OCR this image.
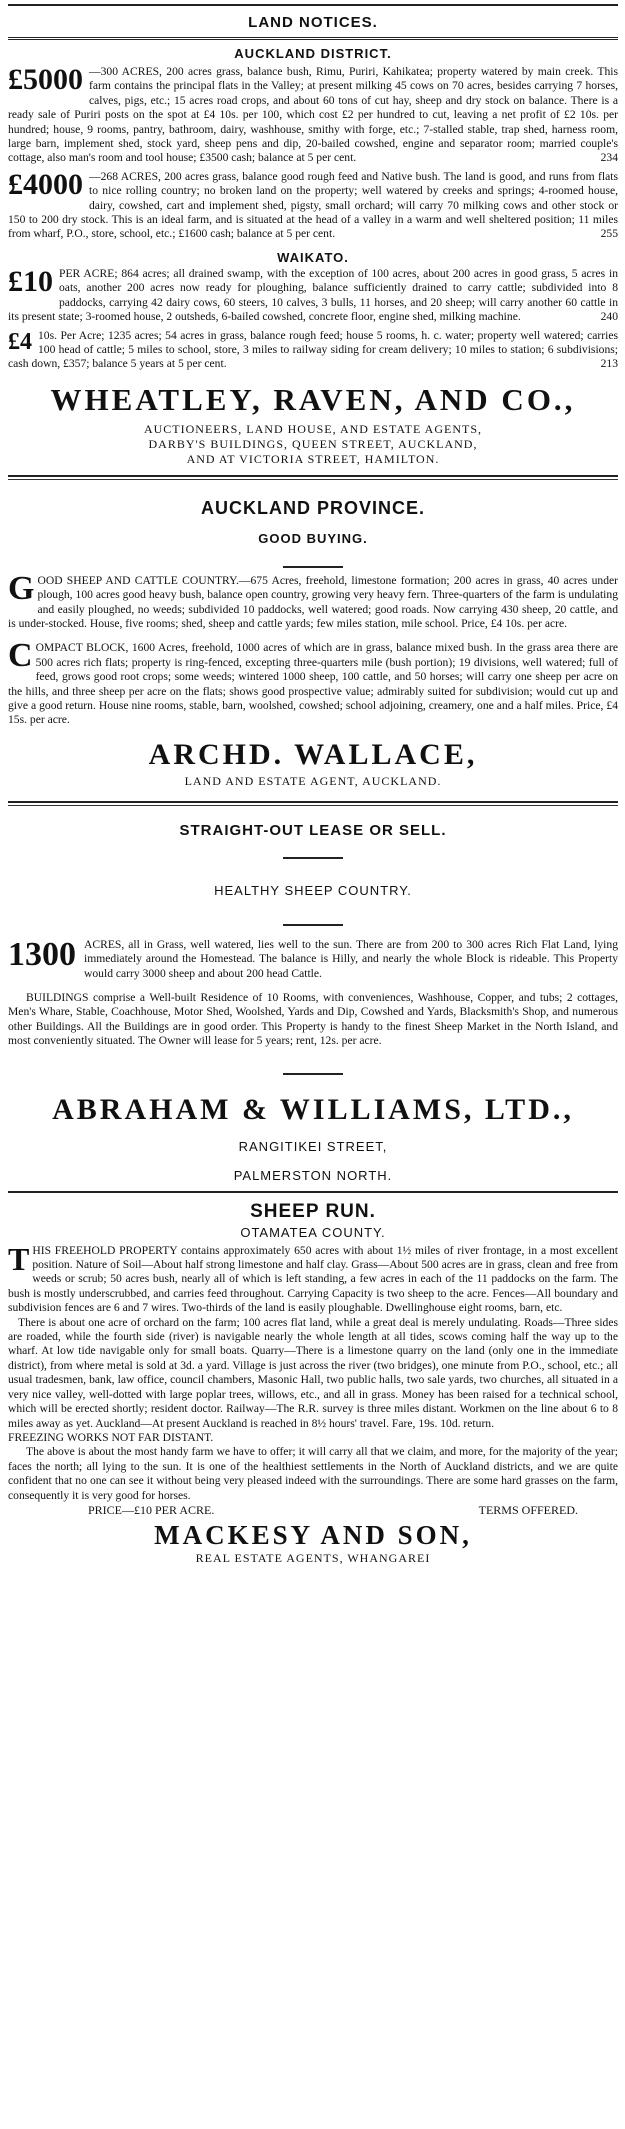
LAND NOTICES.
AUCKLAND DISTRICT.
£5000 —300 ACRES, 200 acres grass, balance bush, Rimu, Puriri, Kahikatea; property watered by main creek. This farm contains the principal flats in the Valley; at present milking 45 cows on 70 acres, besides carrying 7 horses, calves, pigs, etc.; 15 acres road crops, and about 60 tons of cut hay, sheep and dry stock on balance. There is a ready sale of Puriri posts on the spot at £4 10s. per 100, which cost £2 per hundred to cut, leaving a net profit of £2 10s. per hundred; house, 9 rooms, pantry, bathroom, dairy, washhouse, smithy with forge, etc.; 7-stalled stable, trap shed, harness room, large barn, implement shed, stock yard, sheep pens and dip, 20-bailed cowshed, engine and separator room; married couple's cottage, also man's room and tool house; £3500 cash; balance at 5 per cent.	234
£4000 —268 ACRES, 200 acres grass, balance good rough feed and Native bush. The land is good, and runs from flats to nice rolling country; no broken land on the property; well watered by creeks and springs; 4-roomed house, dairy, cowshed, cart and implement shed, pigsty, small orchard; will carry 70 milking cows and other stock or 150 to 200 dry stock. This is an ideal farm, and is situated at the head of a valley in a warm and well sheltered position; 11 miles from wharf, P.O., store, school, etc.; £1600 cash; balance at 5 per cent.	255
WAIKATO.
£10 PER ACRE; 864 acres; all drained swamp, with the exception of 100 acres, about 200 acres in good grass, 5 acres in oats, another 200 acres now ready for ploughing, balance sufficiently drained to carry cattle; subdivided into 8 paddocks, carrying 42 dairy cows, 60 steers, 10 calves, 3 bulls, 11 horses, and 20 sheep; will carry another 60 cattle in its present state; 3-roomed house, 2 outsheds, 6-bailed cowshed, concrete floor, engine shed, milking machine.	240
£4 10s. Per Acre; 1235 acres; 54 acres in grass, balance rough feed; house 5 rooms, h. c. water; property well watered; carries 100 head of cattle; 5 miles to school, store, 3 miles to railway siding for cream delivery; 10 miles to station; 6 subdivisions; cash down, £357; balance 5 years at 5 per cent.	213
WHEATLEY, RAVEN, AND CO.,
AUCTIONEERS, LAND HOUSE, AND ESTATE AGENTS,
DARBY'S BUILDINGS, QUEEN STREET, AUCKLAND,
AND AT VICTORIA STREET, HAMILTON.
AUCKLAND PROVINCE.
GOOD BUYING.
G OOD SHEEP AND CATTLE COUNTRY.—675 Acres, freehold, limestone formation; 200 acres in grass, 40 acres under plough, 100 acres good heavy bush, balance open country, growing very heavy fern. Three-quarters of the farm is undulating and easily ploughed, no weeds; subdivided 10 paddocks, well watered; good roads. Now carrying 430 sheep, 20 cattle, and is under-stocked. House, five rooms; shed, sheep and cattle yards; few miles station, mile school. Price, £4 10s. per acre.
C OMPACT BLOCK, 1600 Acres, freehold, 1000 acres of which are in grass, balance mixed bush. In the grass area there are 500 acres rich flats; property is ring-fenced, excepting three-quarters mile (bush portion); 19 divisions, well watered; full of feed, grows good root crops; some weeds; wintered 1000 sheep, 100 cattle, and 50 horses; will carry one sheep per acre on the hills, and three sheep per acre on the flats; shows good prospective value; admirably suited for subdivision; would cut up and give a good return. House nine rooms, stable, barn, woolshed, cowshed; school adjoining, creamery, one and a half miles. Price, £4 15s. per acre.
ARCHD. WALLACE,
LAND AND ESTATE AGENT, AUCKLAND.
STRAIGHT-OUT LEASE OR SELL.
HEALTHY SHEEP COUNTRY.
1300 ACRES, all in Grass, well watered, lies well to the sun. There are from 200 to 300 acres Rich Flat Land, lying immediately around the Homestead. The balance is Hilly, and nearly the whole Block is rideable. This Property would carry 3000 sheep and about 200 head Cattle.
BUILDINGS comprise a Well-built Residence of 10 Rooms, with conveniences, Washhouse, Copper, and tubs; 2 cottages, Men's Whare, Stable, Coachhouse, Motor Shed, Woolshed, Yards and Dip, Cowshed and Yards, Blacksmith's Shop, and numerous other Buildings. All the Buildings are in good order. This Property is handy to the finest Sheep Market in the North Island, and most conveniently situated. The Owner will lease for 5 years; rent, 12s. per acre.
ABRAHAM & WILLIAMS, LTD.,
RANGITIKEI STREET,
PALMERSTON NORTH.
SHEEP RUN.
OTAMATEA COUNTY.
T HIS FREEHOLD PROPERTY contains approximately 650 acres with about 1½ miles of river frontage, in a most excellent position. Nature of Soil—About half strong limestone and half clay. Grass—About 500 acres are in grass, clean and free from weeds or scrub; 50 acres bush, nearly all of which is left standing, a few acres in each of the 11 paddocks on the farm. The bush is mostly underscrubbed, and carries feed throughout. Carrying Capacity is two sheep to the acre. Fences—All boundary and subdivision fences are 6 and 7 wires. Two-thirds of the land is easily ploughable. Dwellinghouse eight rooms, barn, etc.
There is about one acre of orchard on the farm; 100 acres flat land, while a great deal is merely undulating. Roads—Three sides are roaded, while the fourth side (river) is navigable nearly the whole length at all tides, scows coming half the way up to the wharf. At low tide navigable only for small boats. Quarry—There is a limestone quarry on the land (only one in the immediate district), from where metal is sold at 3d. a yard. Village is just across the river (two bridges), one minute from P.O., school, etc.; all usual tradesmen, bank, law office, council chambers, Masonic Hall, two public halls, two sale yards, two churches, all situated in a very nice valley, well-dotted with large poplar trees, willows, etc., and all in grass. Money has been raised for a technical school, which will be erected shortly; resident doctor. Railway—The R.R. survey is three miles distant. Workmen on the line about 6 to 8 miles away as yet. Auckland—At present Auckland is reached in 8½ hours' travel. Fare, 19s. 10d. return.
FREEZING WORKS NOT FAR DISTANT.
The above is about the most handy farm we have to offer; it will carry all that we claim, and more, for the majority of the year; faces the north; all lying to the sun. It is one of the healthiest settlements in the North of Auckland districts, and we are quite confident that no one can see it without being very pleased indeed with the surroundings. There are some hard grasses on the farm, consequently it is very good for horses.
PRICE—£10 PER ACRE.	TERMS OFFERED.
MACKESY AND SON,
REAL ESTATE AGENTS, WHANGAREI
